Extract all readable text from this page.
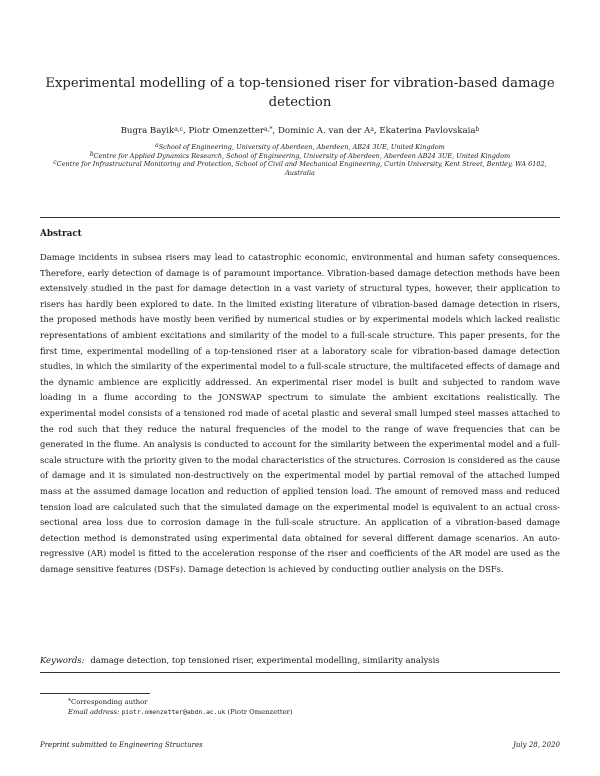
Experimental modelling of a top-tensioned riser for vibration-based damage detection
Bugra Bayik$^{a,c}$, Piotr Omenzetter$^{a,*}$, Dominic A. van der $A^a$, Ekaterina Pavlovskaia$^b$
$^a$School of Engineering, University of Aberdeen, Aberdeen, AB24 3UE, United Kingdom
$^b$Centre for Applied Dynamics Research, School of Engineering, University of Aberdeen, Aberdeen AB24 3UE, United Kingdom
$^c$Centre for Infrastructural Monitoring and Protection, School of Civil and Mechanical Engineering, Curtin University, Kent Street, Bentley, WA 6102, Australia
Abstract
Damage incidents in subsea risers may lead to catastrophic economic, environmental and human safety consequences. Therefore, early detection of damage is of paramount importance. Vibration-based damage detection methods have been extensively studied in the past for damage detection in a vast variety of structural types, however, their application to risers has hardly been explored to date. In the limited existing literature of vibration-based damage detection in risers, the proposed methods have mostly been verified by numerical studies or by experimental models which lacked realistic representations of ambient excitations and similarity of the model to a full-scale structure. This paper presents, for the first time, experimental modelling of a top-tensioned riser at a laboratory scale for vibration-based damage detection studies, in which the similarity of the experimental model to a full-scale structure, the multifaceted effects of damage and the dynamic ambience are explicitly addressed. An experimental riser model is built and subjected to random wave loading in a flume according to the JONSWAP spectrum to simulate the ambient excitations realistically. The experimental model consists of a tensioned rod made of acetal plastic and several small lumped steel masses attached to the rod such that they reduce the natural frequencies of the model to the range of wave frequencies that can be generated in the flume. An analysis is conducted to account for the similarity between the experimental model and a full-scale structure with the priority given to the modal characteristics of the structures. Corrosion is considered as the cause of damage and it is simulated non-destructively on the experimental model by partial removal of the attached lumped mass at the assumed damage location and reduction of applied tension load. The amount of removed mass and reduced tension load are calculated such that the simulated damage on the experimental model is equivalent to an actual cross-sectional area loss due to corrosion damage in the full-scale structure. An application of a vibration-based damage detection method is demonstrated using experimental data obtained for several different damage scenarios. An auto-regressive (AR) model is fitted to the acceleration response of the riser and coefficients of the AR model are used as the damage sensitive features (DSFs). Damage detection is achieved by conducting outlier analysis on the DSFs.
Keywords: damage detection, top tensioned riser, experimental modelling, similarity analysis
*Corresponding author
Email address: piotr.omenzetter@abdn.ac.uk (Piotr Omenzetter)
Preprint submitted to Engineering Structures	July 28, 2020
